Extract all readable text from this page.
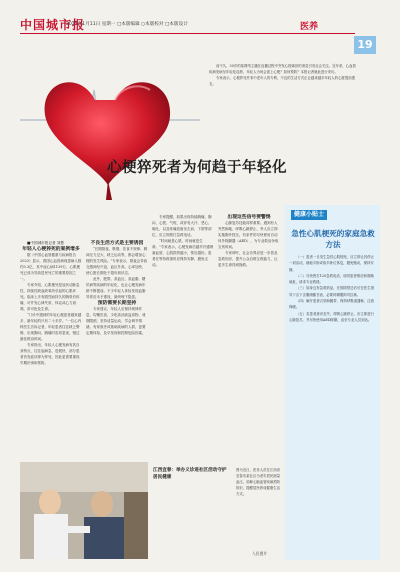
中国城市报
2025年1月11日 星期一 □本版编辑 ○本版校对 □本版设计	医养
19

前不久，30岁的某网络主播在直播过程中突发心梗离世的消息引发社会关注。近年来，心血管疾病发病呈年轻化趋势，年轻人为何会患上心梗？如何预防？本报记者就此进行采访。

专家表示，心梗猝死并非中老年人的专利，不良的生活方式正让越来越多年轻人的心脏提前透支。

心梗猝死者为何趋于年轻化

■中国城市报记者 刘慧

年轻人心梗猝死的案例增多

据《中国心血管健康与疾病报告2023》显示，我国心血管病现患病人数约3.3亿，其中冠心病1139万，心肌梗死已成为导致居民死亡的重要原因之一。

专家介绍，心肌梗死是冠状动脉急性、持续性缺血缺氧所引起的心肌坏死。临床上多有剧烈而持久的胸骨后疼痛，可并发心律失常、休克或心力衰竭，常可危及生命。

“门诊中遇到的年轻心梗患者越来越多，最年轻的只有二十多岁。”一位心内科医生告诉记者，年轻患者往往缺乏警惕，出现胸闷、胸痛时容易忽视，错过最佳救治时间。

专家指出，年轻人心梗发病有其自身特点，往往起病急、进展快，部分患者首发症状即为猝死，因此更需要重视早期识别和预防。

不良生活方式是主要诱因

“长期熬夜、吸烟、饮食不规律、精神压力过大、缺乏运动等，都会增加心梗的发生风险。”专家表示，熬夜会导致交感神经兴奋，血压升高、心率加快，使心脏长期处于超负荷状态。

此外，肥胖、高血压、高血脂、糖尿病等疾病的年轻化，也让心梗发病年龄不断提前。不少年轻人体检发现血脂异常后未予重视，最终埋下隐患。

预防需要长期坚持

专家建议，年轻人应保持规律作息，均衡饮食，少吃高油高盐食物，戒烟限酒，坚持适量运动，学会调节情绪。有家族史或基础疾病的人群，更要定期体检，及早发现和控制危险因素。

专家提醒，如果出现持续胸痛、胸闷、心慌、气短，或伴有大汗、恶心、呕吐，以及疼痛放射至左肩、下颌等部位，应立即拨打急救电话。

“时间就是心肌，时间就是生命。”专家表示，心梗发病后越早开通堵塞血管，心肌损伤越小，预后越好。患者在等待救援时应保持安静、避免走动。

出现这些信号要警惕

心肺复苏技能同样重要。遇到有人突然倒地、呼吸心跳停止，旁人应立即实施胸外按压，有条件的尽快使用自动体外除颤器（AED），为专业救治争取宝贵时间。

专家呼吁，社会各界应进一步普及急救知识，提升公众自救互救能力，让更多生命得到挽救。

江西宜春：举办义诊进社区活动守护居民健康
图为近日，医务人员在江西省宜春市某社区为老年居民测量血压、讲解心脑血管疾病预防知识，提醒居民养成健康生活方式。
人民图片
健康小贴士
急性心肌梗死的家庭急救方法

（一）患者一旦发生急性心肌梗死，应立即让其停止一切活动，就地平卧或取半卧位休息，避免搬动，保持安静。

（二）尽快拨打120急救电话，说明患者情况和准确地址，请求专业救援。

（三）如身边有急救药品，在排除禁忌后可在医生指导下舌下含服硝酸甘油，必要时嚼服阿司匹林。

（四）解开患者衣领和腰带，保持呼吸道通畅，注意保暖。

（五）若患者意识丧失、呼吸心跳停止，应立即进行心肺复苏，并尽快使用AED除颤，直至专业人员到达。
